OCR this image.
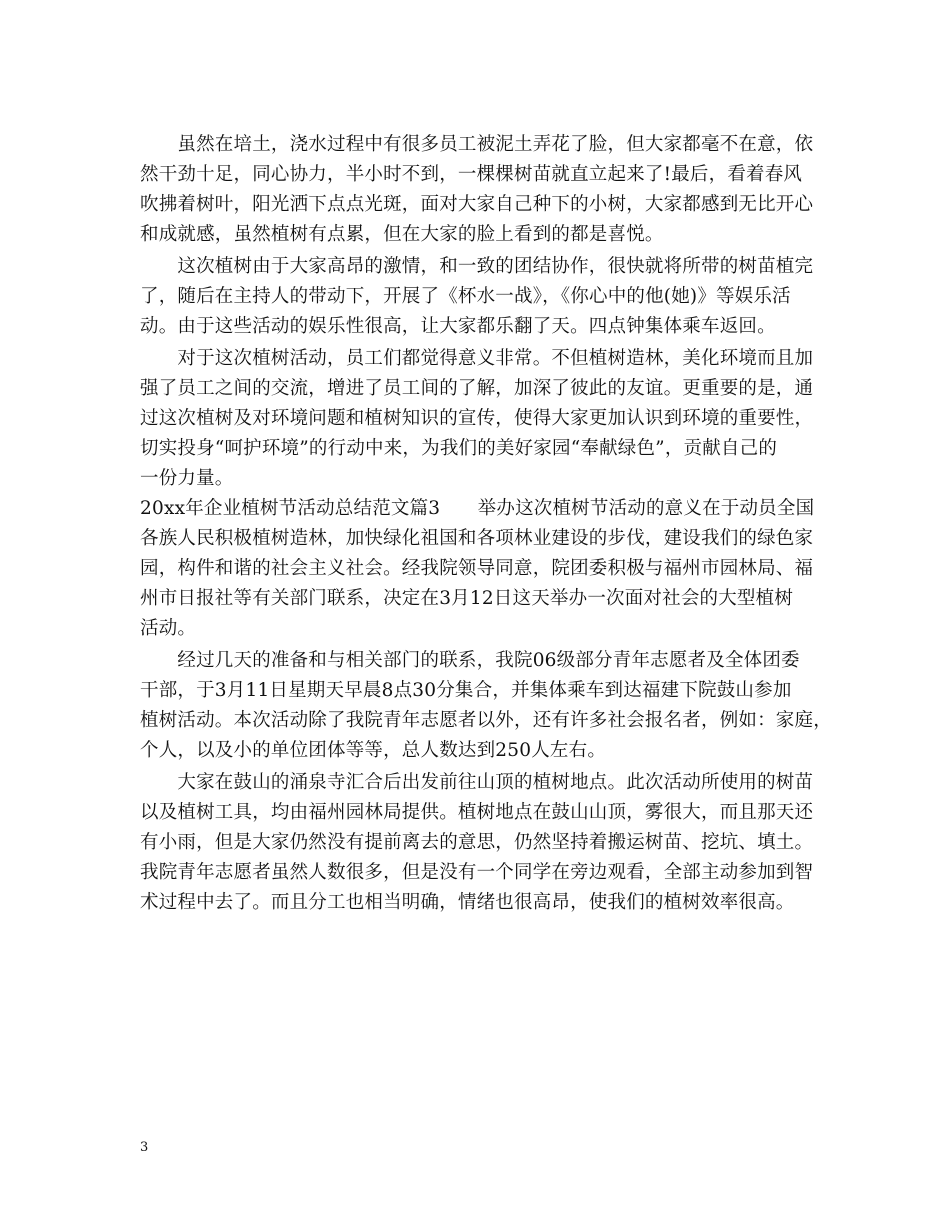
　　虽然在培土，浇水过程中有很多员工被泥土弄花了脸，但大家都毫不在意，依
然干劲十足，同心协力，半小时不到，一棵棵树苗就直立起来了!最后，看着春风
吹拂着树叶，阳光洒下点点光斑，面对大家自己种下的小树，大家都感到无比开心
和成就感，虽然植树有点累，但在大家的脸上看到的都是喜悦。
　　这次植树由于大家高昂的激情，和一致的团结协作，很快就将所带的树苗植完
了，随后在主持人的带动下，开展了《杯水一战》，《你心中的他(她)》等娱乐活
动。由于这些活动的娱乐性很高，让大家都乐翻了天。四点钟集体乘车返回。
　　对于这次植树活动，员工们都觉得意义非常。不但植树造林，美化环境而且加
强了员工之间的交流，增进了员工间的了解，加深了彼此的友谊。更重要的是，通
过这次植树及对环境问题和植树知识的宣传，使得大家更加认识到环境的重要性，
切实投身“呵护环境”的行动中来，为我们的美好家园“奉献绿色”，贡献自己的
一份力量。
20xx年企业植树节活动总结范文篇3　　举办这次植树节活动的意义在于动员全国
各族人民积极植树造林，加快绿化祖国和各项林业建设的步伐，建设我们的绿色家
园，构件和谐的社会主义社会。经我院领导同意，院团委积极与福州市园林局、福
州市日报社等有关部门联系，决定在3月12日这天举办一次面对社会的大型植树
活动。
　　经过几天的准备和与相关部门的联系，我院06级部分青年志愿者及全体团委
干部，于3月11日星期天早晨8点30分集合，并集体乘车到达福建下院鼓山参加
植树活动。本次活动除了我院青年志愿者以外，还有许多社会报名者，例如：家庭，
个人，以及小的单位团体等等，总人数达到250人左右。
　　大家在鼓山的涌泉寺汇合后出发前往山顶的植树地点。此次活动所使用的树苗
以及植树工具，均由福州园林局提供。植树地点在鼓山山顶，雾很大，而且那天还
有小雨，但是大家仍然没有提前离去的意思，仍然坚持着搬运树苗、挖坑、填土。
我院青年志愿者虽然人数很多，但是没有一个同学在旁边观看，全部主动参加到智
术过程中去了。而且分工也相当明确，情绪也很高昂，使我们的植树效率很高。
3
